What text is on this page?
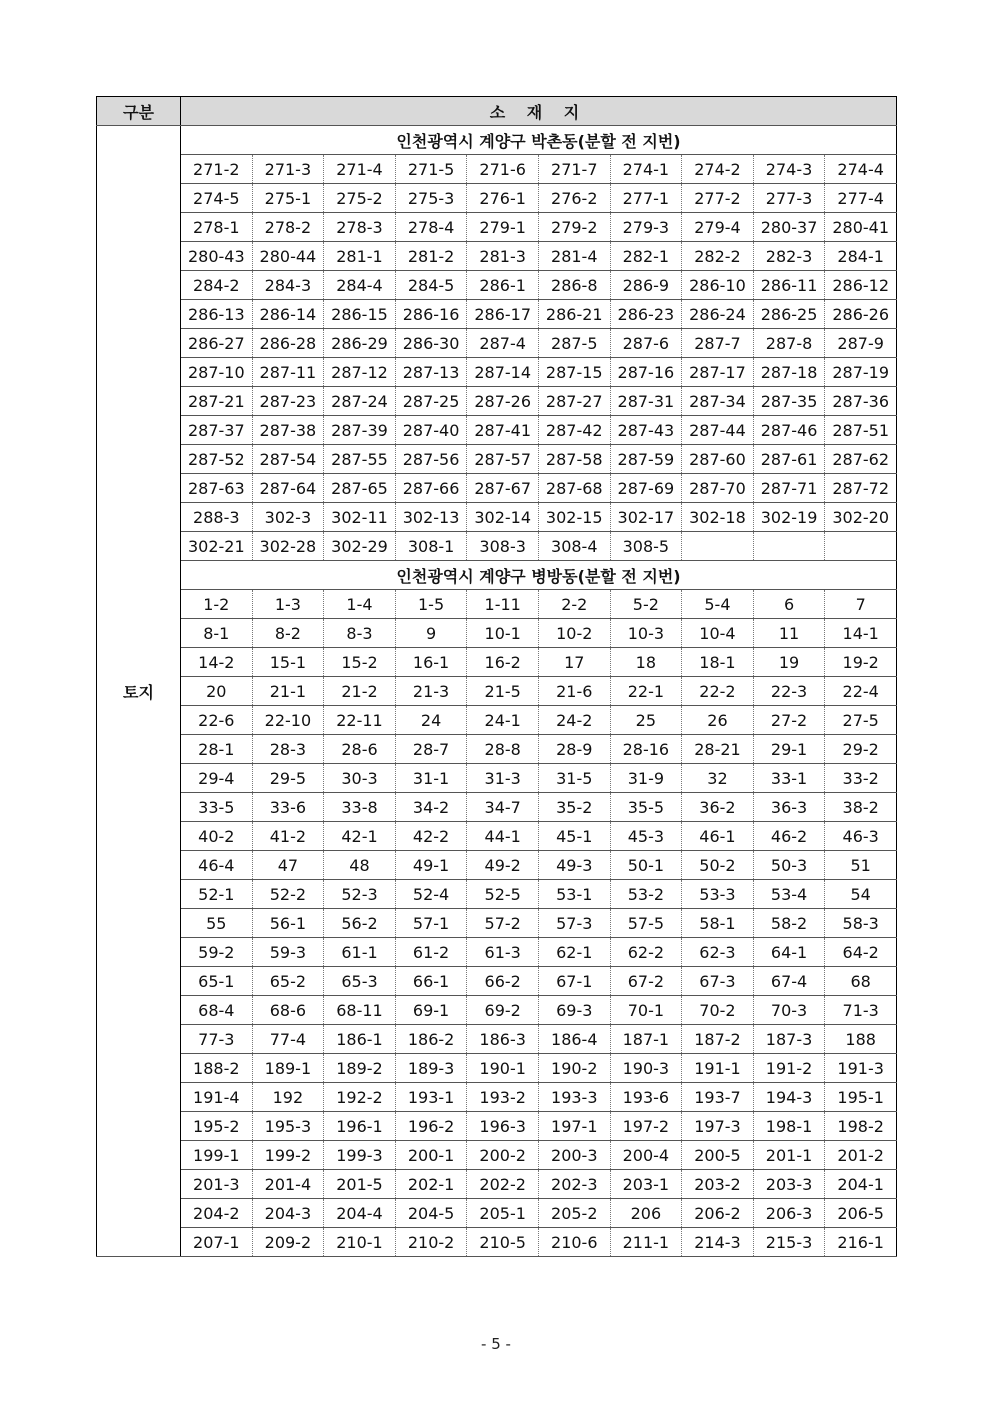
구분	소 재 지									
토지	인천광역시 계양구 박촌동(분할 전 지번)									
	271-2	271-3	271-4	271-5	271-6	271-7	274-1	274-2	274-3	274-4
	274-5	275-1	275-2	275-3	276-1	276-2	277-1	277-2	277-3	277-4
	278-1	278-2	278-3	278-4	279-1	279-2	279-3	279-4	280-37	280-41
	280-43	280-44	281-1	281-2	281-3	281-4	282-1	282-2	282-3	284-1
	284-2	284-3	284-4	284-5	286-1	286-8	286-9	286-10	286-11	286-12
	286-13	286-14	286-15	286-16	286-17	286-21	286-23	286-24	286-25	286-26
	286-27	286-28	286-29	286-30	287-4	287-5	287-6	287-7	287-8	287-9
	287-10	287-11	287-12	287-13	287-14	287-15	287-16	287-17	287-18	287-19
	287-21	287-23	287-24	287-25	287-26	287-27	287-31	287-34	287-35	287-36
	287-37	287-38	287-39	287-40	287-41	287-42	287-43	287-44	287-46	287-51
	287-52	287-54	287-55	287-56	287-57	287-58	287-59	287-60	287-61	287-62
	287-63	287-64	287-65	287-66	287-67	287-68	287-69	287-70	287-71	287-72
	288-3	302-3	302-11	302-13	302-14	302-15	302-17	302-18	302-19	302-20
	302-21	302-28	302-29	308-1	308-3	308-4	308-5			
	인천광역시 계양구 병방동(분할 전 지번)									
	1-2	1-3	1-4	1-5	1-11	2-2	5-2	5-4	6	7
	8-1	8-2	8-3	9	10-1	10-2	10-3	10-4	11	14-1
	14-2	15-1	15-2	16-1	16-2	17	18	18-1	19	19-2
	20	21-1	21-2	21-3	21-5	21-6	22-1	22-2	22-3	22-4
	22-6	22-10	22-11	24	24-1	24-2	25	26	27-2	27-5
	28-1	28-3	28-6	28-7	28-8	28-9	28-16	28-21	29-1	29-2
	29-4	29-5	30-3	31-1	31-3	31-5	31-9	32	33-1	33-2
	33-5	33-6	33-8	34-2	34-7	35-2	35-5	36-2	36-3	38-2
	40-2	41-2	42-1	42-2	44-1	45-1	45-3	46-1	46-2	46-3
	46-4	47	48	49-1	49-2	49-3	50-1	50-2	50-3	51
	52-1	52-2	52-3	52-4	52-5	53-1	53-2	53-3	53-4	54
	55	56-1	56-2	57-1	57-2	57-3	57-5	58-1	58-2	58-3
	59-2	59-3	61-1	61-2	61-3	62-1	62-2	62-3	64-1	64-2
	65-1	65-2	65-3	66-1	66-2	67-1	67-2	67-3	67-4	68
	68-4	68-6	68-11	69-1	69-2	69-3	70-1	70-2	70-3	71-3
	77-3	77-4	186-1	186-2	186-3	186-4	187-1	187-2	187-3	188
	188-2	189-1	189-2	189-3	190-1	190-2	190-3	191-1	191-2	191-3
	191-4	192	192-2	193-1	193-2	193-3	193-6	193-7	194-3	195-1
	195-2	195-3	196-1	196-2	196-3	197-1	197-2	197-3	198-1	198-2
	199-1	199-2	199-3	200-1	200-2	200-3	200-4	200-5	201-1	201-2
	201-3	201-4	201-5	202-1	202-2	202-3	203-1	203-2	203-3	204-1
	204-2	204-3	204-4	204-5	205-1	205-2	206	206-2	206-3	206-5
	207-1	209-2	210-1	210-2	210-5	210-6	211-1	214-3	215-3	216-1
- 5 -
